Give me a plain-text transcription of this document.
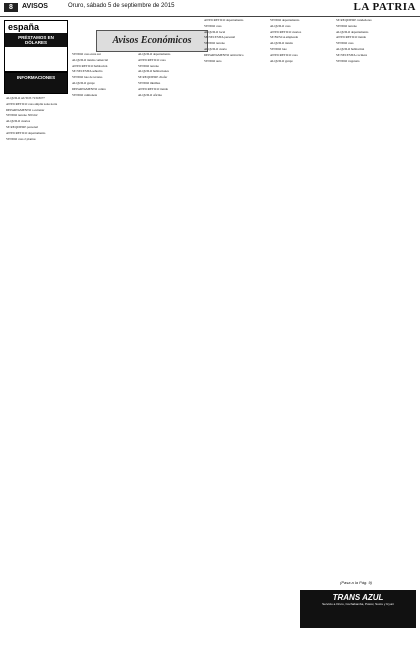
8	AVISOS	Oruro, sábado 5 de septiembre de 2015	LA PATRIA
españa
PRÉSTAMOS EN DÓLARES
INFORMACIONES
Avisos Económicos

ALQUILO AUTOS 72318077

ANTICRETICO casa amplia zona norte

DEPARTAMENTO a estrenar

VENDO terreno 300 m2

ALQUILO cuartos

SE REQUIERE personal

ANTICRETICO departamento

VENDO casa 2 plantas

VENDO casa zona sur

ALQUILO tienda comercial

ANTICRETICO habitación

SE NECESITA señorita

VENDO lote de terreno

ALQUILO garaje

DEPARTAMENTO centro

VENDO camioneta

ALQUILO departamento

ANTICRETICO casa

VENDO terreno

ALQUILO habitaciones

SE REQUIERE chofer

VENDO minibus

ANTICRETICO tienda

ALQUILO oficina

ANTICRETICO departamento

VENDO casa

ALQUILO local

SE NECESITA personal

VENDO terreno

ALQUILO cuarto

DEPARTAMENTO anticrético

VENDO auto

VENDO departamento

ALQUILO casa

ANTICRETICO cuartos

SE BUSCA empleada

ALQUILO tienda

VENDO lote

ANTICRETICO casa

ALQUILO garaje

SE REQUIERE vendedores

VENDO terreno

ALQUILO departamento

ANTICRETICO tienda

VENDO casa

ALQUILO habitación

SE NECESITA cocinera

VENDO vagoneta

(Pasa a la Pág. 9)
TRANS AZUL
Servicio a Oruro, Cochabamba, Potosí, Sucre y Uyuni
